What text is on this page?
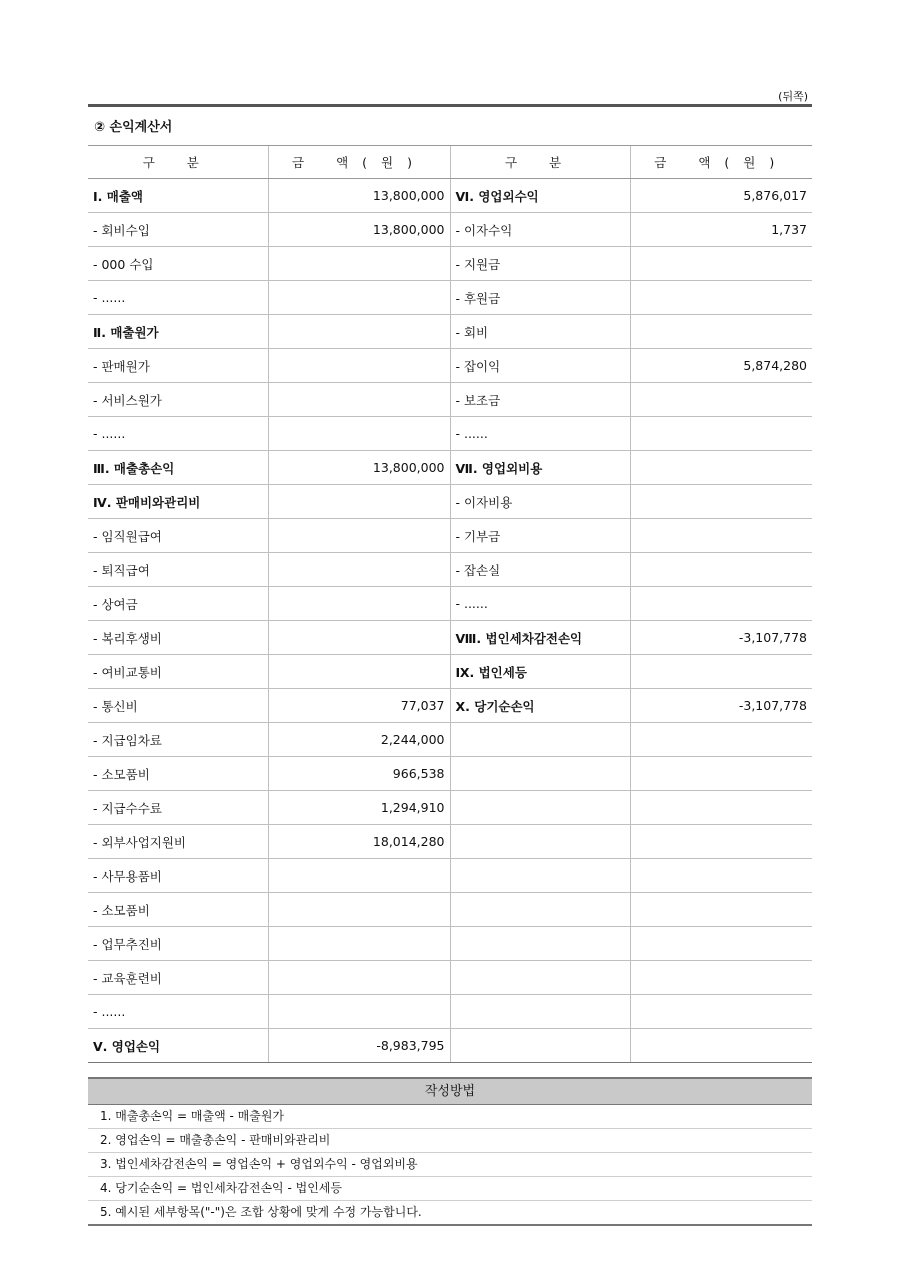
(뒤쪽)
② 손익계산서
구 분	금 액(원)	구 분	금 액(원)
Ⅰ. 매출액	13,800,000	Ⅵ. 영업외수익	5,876,017
- 회비수입	13,800,000	- 이자수익	1,737
- 000 수입		- 지원금	
- ......		- 후원금	
Ⅱ. 매출원가		- 회비	
- 판매원가		- 잡이익	5,874,280
- 서비스원가		- 보조금	
- ......		- ......	
Ⅲ. 매출총손익	13,800,000	Ⅶ. 영업외비용	
Ⅳ. 판매비와관리비		- 이자비용	
- 임직원급여		- 기부금	
- 퇴직급여		- 잡손실	
- 상여금		- ......	
- 복리후생비		Ⅷ. 법인세차감전손익	-3,107,778
- 여비교통비		Ⅸ. 법인세등	
- 통신비	77,037	Ⅹ. 당기순손익	-3,107,778
- 지급임차료	2,244,000		
- 소모품비	966,538		
- 지급수수료	1,294,910		
- 외부사업지원비	18,014,280		
- 사무용품비			
- 소모품비			
- 업무추진비			
- 교육훈련비			
- ......			
Ⅴ. 영업손익	-8,983,795		
작성방법
1. 매출총손익 = 매출액 - 매출원가
2. 영업손익 = 매출총손익 - 판매비와관리비
3. 법인세차감전손익 = 영업손익 + 영업외수익 - 영업외비용
4. 당기순손익 = 법인세차감전손익 - 법인세등
5. 예시된 세부항목("-")은 조합 상황에 맞게 수정 가능합니다.
